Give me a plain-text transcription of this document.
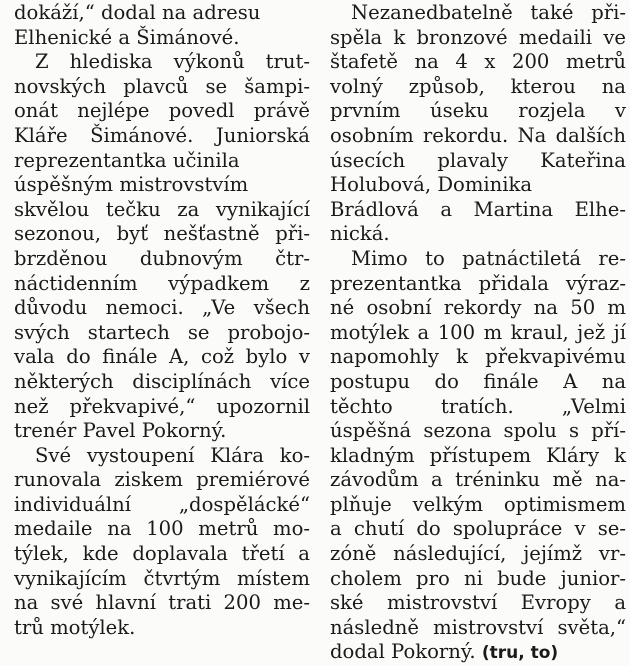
dokáží,“ dodal na adresu
Elhenické a Šimánové.
Z hlediska výkonů trut-
novských plavců se šampi-
onát nejlépe povedl právě
Kláře Šimánové. Juniorská
reprezentantka učinila
úspěšným mistrovstvím
skvělou tečku za vynikající
sezonou, byť nešťastně při-
brzděnou dubnovým čtr-
náctidenním výpadkem z
důvodu nemoci. „Ve všech
svých startech se probojo-
vala do finále A, což bylo v
některých disciplínách více
než překvapivé,“ upozornil
trenér Pavel Pokorný.
Své vystoupení Klára ko-
runovala ziskem premiérové
individuální „dospělácké“
medaile na 100 metrů mo-
týlek, kde doplavala třetí a
vynikajícím čtvrtým místem
na své hlavní trati 200 me-
trů motýlek.
Nezanedbatelně také při-
spěla k bronzové medaili ve
štafetě na 4 x 200 metrů
volný způsob, kterou na
prvním úseku rozjela v
osobním rekordu. Na dalších
úsecích plavaly Kateřina
Holubová, Dominika
Brádlová a Martina Elhe-
nická.
Mimo to patnáctiletá re-
prezentantka přidala výraz-
né osobní rekordy na 50 m
motýlek a 100 m kraul, jež jí
napomohly k překvapivému
postupu do finále A na
těchto tratích. „Velmi
úspěšná sezona spolu s pří-
kladným přístupem Kláry k
závodům a tréninku mě na-
plňuje velkým optimismem
a chutí do spolupráce v se-
zóně následující, jejímž vr-
cholem pro ni bude junior-
ské mistrovství Evropy a
následně mistrovství světa,“
dodal Pokorný. (tru, to)
